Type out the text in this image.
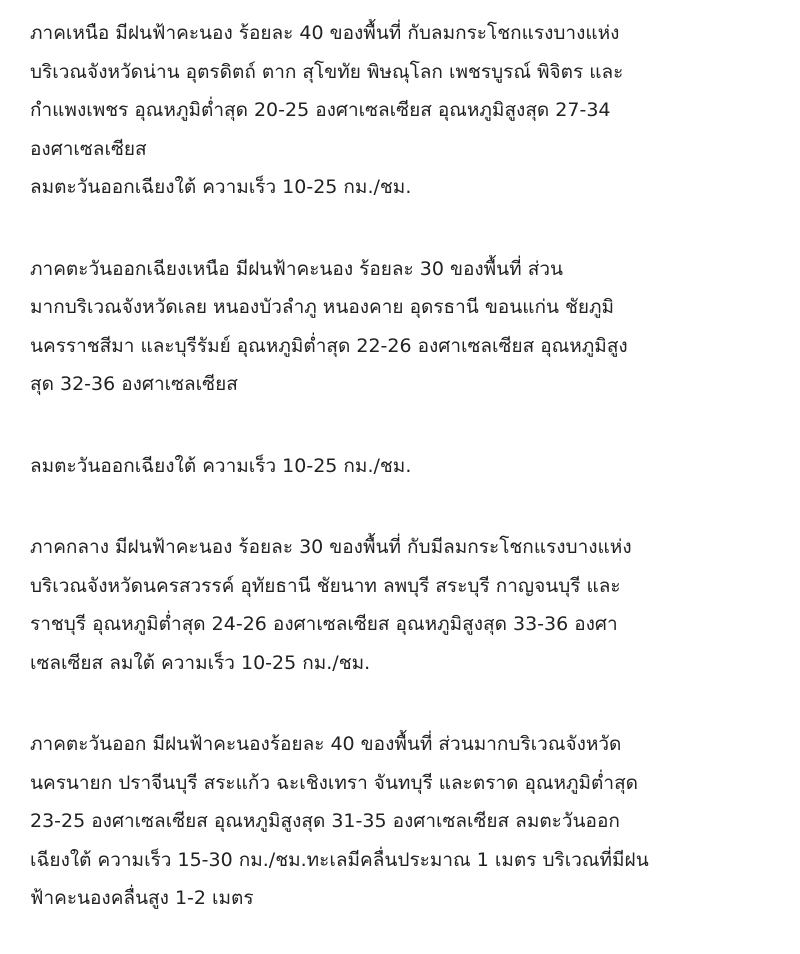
ภาคเหนือ มีฝนฟ้าคะนอง ร้อยละ 40 ของพื้นที่ กับลมกระโชกแรงบางแห่ง
บริเวณจังหวัดน่าน อุตรดิตถ์ ตาก สุโขทัย พิษณุโลก เพชรบูรณ์ พิจิตร และ
กำแพงเพชร อุณหภูมิต่ำสุด 20-25 องศาเซลเซียส อุณหภูมิสูงสุด 27-34
องศาเซลเซียส
ลมตะวันออกเฉียงใต้ ความเร็ว 10-25 กม./ชม.
ภาคตะวันออกเฉียงเหนือ มีฝนฟ้าคะนอง ร้อยละ 30 ของพื้นที่ ส่วน
มากบริเวณจังหวัดเลย หนองบัวลำภู หนองคาย อุดรธานี ขอนแก่น ชัยภูมิ
นครราชสีมา และบุรีรัมย์ อุณหภูมิต่ำสุด 22-26 องศาเซลเซียส อุณหภูมิสูง
สุด 32-36 องศาเซลเซียส
ลมตะวันออกเฉียงใต้ ความเร็ว 10-25 กม./ชม.
ภาคกลาง มีฝนฟ้าคะนอง ร้อยละ 30 ของพื้นที่ กับมีลมกระโชกแรงบางแห่ง
บริเวณจังหวัดนครสวรรค์ อุทัยธานี ชัยนาท ลพบุรี สระบุรี กาญจนบุรี และ
ราชบุรี อุณหภูมิต่ำสุด 24-26 องศาเซลเซียส อุณหภูมิสูงสุด 33-36 องศา
เซลเซียส ลมใต้ ความเร็ว 10-25 กม./ชม.
ภาคตะวันออก มีฝนฟ้าคะนองร้อยละ 40 ของพื้นที่ ส่วนมากบริเวณจังหวัด
นครนายก ปราจีนบุรี สระแก้ว ฉะเชิงเทรา จันทบุรี และตราด อุณหภูมิต่ำสุด
23-25 องศาเซลเซียส อุณหภูมิสูงสุด 31-35 องศาเซลเซียส ลมตะวันออก
เฉียงใต้ ความเร็ว 15-30 กม./ชม.ทะเลมีคลื่นประมาณ 1 เมตร บริเวณที่มีฝน
ฟ้าคะนองคลื่นสูง 1-2 เมตร
